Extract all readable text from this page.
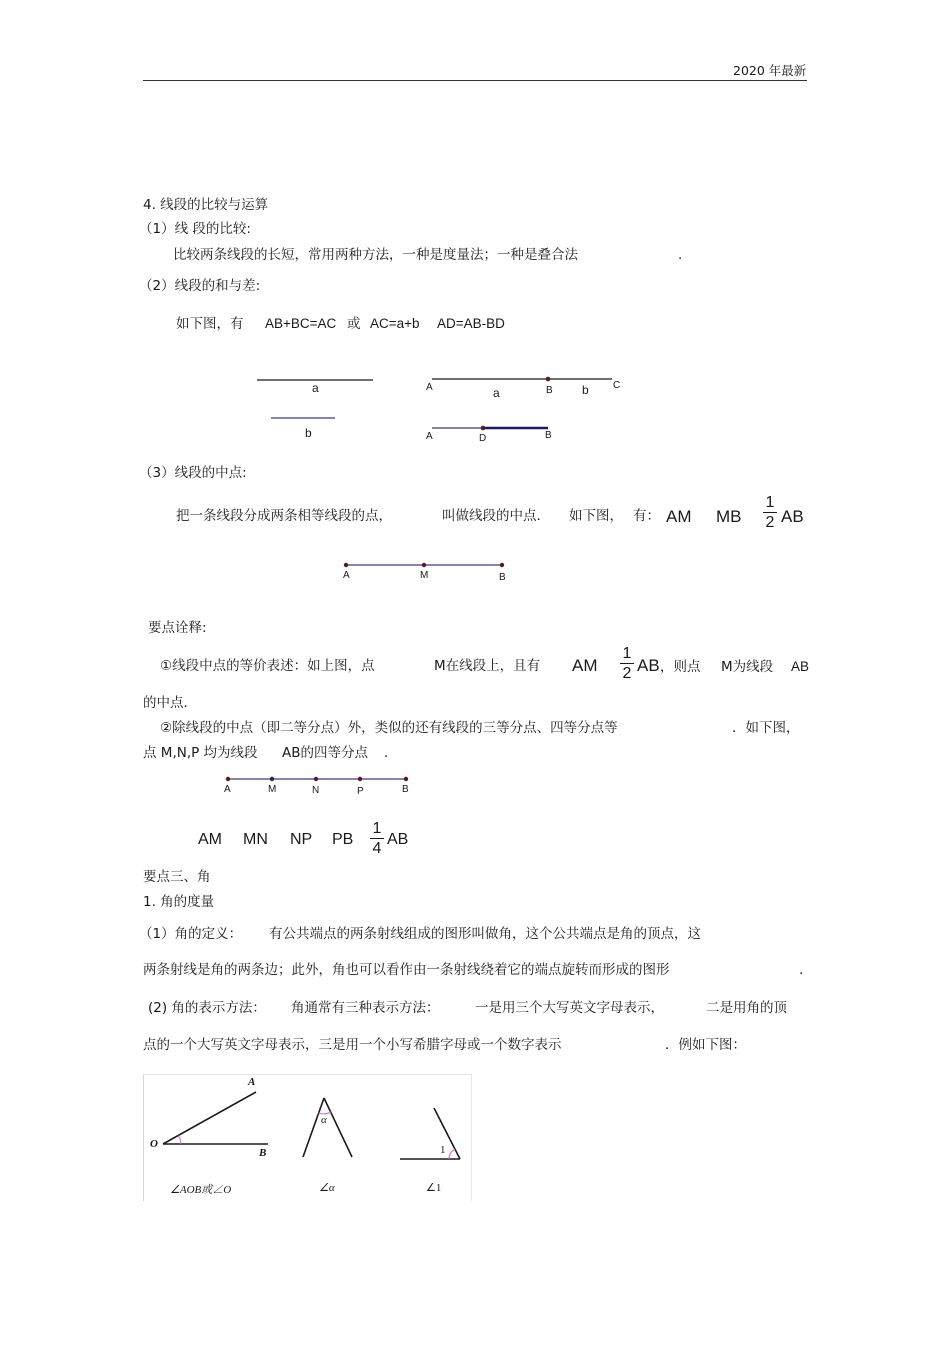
2020 年最新
4. 线段的比较与运算
（1）线 段的比较:
比较两条线段的长短，常用两种方法，一种是度量法；一种是叠合法	.
（2）线段的和与差:
如下图，有 AB+BC=AC 或 AC=a+b AD=AB-BD
a
b
A	a	B b C
A	D	B
（3）线段的中点:
把一条线段分成两条相等线段的点，	叫做线段的中点． 如下图， 有： AM MB
1
2 AB
A	M	B
要点诠释:
①线段中点的等价表述：如上图，点	M在线段上，且有 AM
1
2 AB ，则点 M为线段 AB
的中点．
②除线段的中点（即二等分点）外，类似的还有线段的三等分点、四等分点等	．如下图，
点 M,N,P 均为线段 AB的四等分点 ．
A	M	N	P	B
AM MN NP PB
1
4
AB
要点三、角
1. 角的度量
（1）角的定义： 有公共端点的两条射线组成的图形叫做角，这个公共端点是角的顶点，这
两条射线是角的两条边；此外，角也可以看作由一条射线绕着它的端点旋转而形成的图形	.
(2) 角的表示方法： 角通常有三种表示方法：	一是用三个大写英文字母表示，	二是用角的顶
点的一个大写英文字母表示，三是用一个小写希腊字母或一个数字表示	．例如下图：
A
O
B
α
1
∠AOB或∠O	∠α	∠1
